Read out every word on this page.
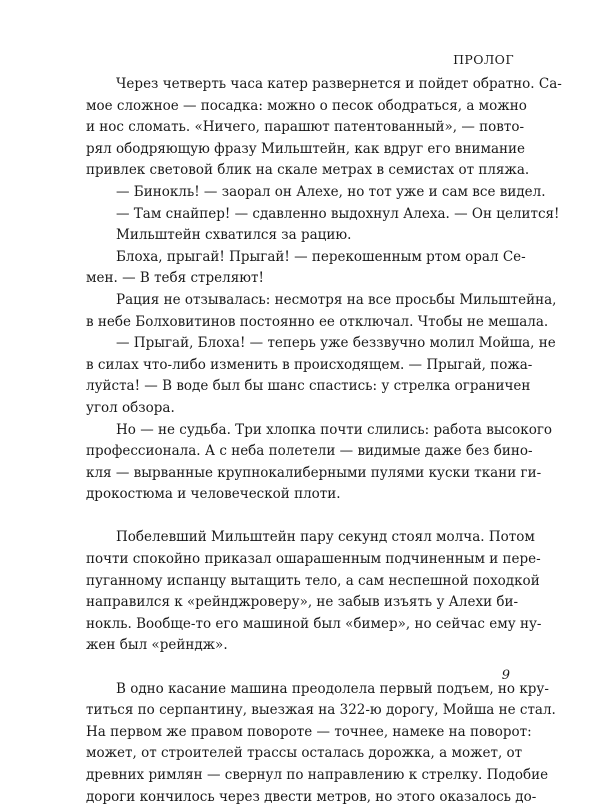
ПРОЛОГ
Через четверть часа катер развернется и пойдет обратно. Са-
мое сложное — посадка: можно о песок ободраться, а можно
и нос сломать. «Ничего, парашют патентованный», — повто-
рял ободряющую фразу Мильштейн, как вдруг его внимание
привлек световой блик на скале метрах в семистах от пляжа.
— Бинокль! — заорал он Алехе, но тот уже и сам все видел.
— Там снайпер! — сдавленно выдохнул Алеха. — Он целится!
Мильштейн схватился за рацию.
Блоха, прыгай! Прыгай! — перекошенным ртом орал Се-
мен. — В тебя стреляют!
Рация не отзывалась: несмотря на все просьбы Мильштейна,
в небе Болховитинов постоянно ее отключал. Чтобы не мешала.
— Прыгай, Блоха! — теперь уже беззвучно молил Мойша, не
в силах что-либо изменить в происходящем. — Прыгай, пожа-
луйста! — В воде был бы шанс спастись: у стрелка ограничен
угол обзора.
Но — не судьба. Три хлопка почти слились: работа высокого
профессионала. А с неба полетели — видимые даже без бино-
кля — вырванные крупнокалиберными пулями куски ткани ги-
дрокостюма и человеческой плоти.
Побелевший Мильштейн пару секунд стоял молча. Потом
почти спокойно приказал ошарашенным подчиненным и пере-
пуганному испанцу вытащить тело, а сам неспешной походкой
направился к «рейнджроверу», не забыв изъять у Алехи би-
нокль. Вообще-то его машиной был «бимер», но сейчас ему ну-
жен был «рейндж».
В одно касание машина преодолела первый подъем, но кру-
титься по серпантину, выезжая на 322-ю дорогу, Мойша не стал.
На первом же правом повороте — точнее, намеке на поворот:
может, от строителей трассы осталась дорожка, а может, от
древних римлян — свернул по направлению к стрелку. Подобие
дороги кончилось через двести метров, но этого оказалось до-
9
